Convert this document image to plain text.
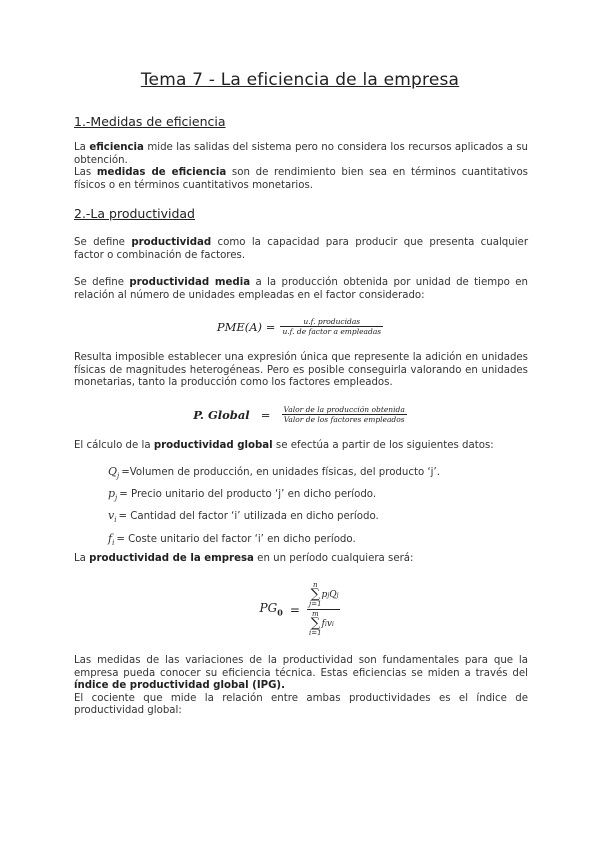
Tema 7 - La eficiencia de la empresa
1.-Medidas de eficiencia
La eficiencia mide las salidas del sistema pero no considera los recursos aplicados a su obtención.
Las medidas de eficiencia son de rendimiento bien sea en términos cuantitativos físicos o en términos cuantitativos monetarios.
2.-La productividad
Se define productividad como la capacidad para producir que presenta cualquier factor o combinación de factores.
Se define productividad media a la producción obtenida por unidad de tiempo en relación al número de unidades empleadas en el factor considerado:
$PME(A) = \frac{\text{u.f. producidas}}{\text{u.f. de factor a empleadas}}$
Resulta imposible establecer una expresión única que represente la adición en unidades físicas de magnitudes heterogéneas. Pero es posible conseguirla valorando en unidades monetarias, tanto la producción como los factores empleados.
P. Global = $\frac{\text{Valor de la producción obtenida}}{\text{Valor de los factores empleados}}$
El cálculo de la productividad global se efectúa a partir de los siguientes datos:
$Q_j$ =Volumen de producción, en unidades físicas, del producto ‘j’.
$p_j$ = Precio unitario del producto ‘j’ en dicho período.
$v_i$ = Cantidad del factor ‘i’ utilizada en dicho período.
$f_i$ = Coste unitario del factor ‘i’ en dicho período.
La productividad de la empresa en un período cualquiera será:
$PG_0 = n$
∑
j=1
p j Q j
m
∑
i=1
f i v i
Las medidas de las variaciones de la productividad son fundamentales para que la empresa pueda conocer su eficiencia técnica. Estas eficiencias se miden a través del índice de productividad global (IPG).
El cociente que mide la relación entre ambas productividades es el índice de productividad global:
